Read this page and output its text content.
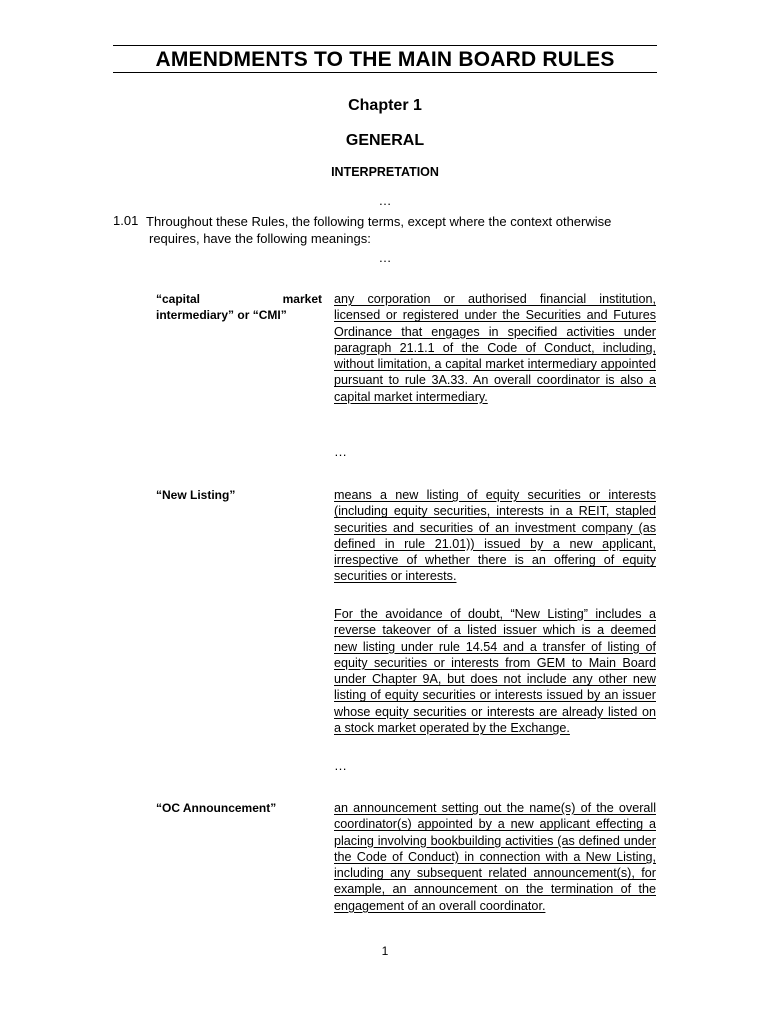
AMENDMENTS TO THE MAIN BOARD RULES
Chapter 1
GENERAL
INTERPRETATION
…
1.01 Throughout these Rules, the following terms, except where the context otherwise requires, have the following meanings:
…
“capital market intermediary” or “CMI”
any corporation or authorised financial institution, licensed or registered under the Securities and Futures Ordinance that engages in specified activities under paragraph 21.1.1 of the Code of Conduct, including, without limitation, a capital market intermediary appointed pursuant to rule 3A.33. An overall coordinator is also a capital market intermediary.
…
“New Listing”	means a new listing of equity securities or interests (including equity securities, interests in a REIT, stapled securities and securities of an investment company (as defined in rule 21.01)) issued by a new applicant, irrespective of whether there is an offering of equity securities or interests.
For the avoidance of doubt, “New Listing” includes a reverse takeover of a listed issuer which is a deemed new listing under rule 14.54 and a transfer of listing of equity securities or interests from GEM to Main Board under Chapter 9A, but does not include any other new listing of equity securities or interests issued by an issuer whose equity securities or interests are already listed on a stock market operated by the Exchange.
…
“OC Announcement”	an announcement setting out the name(s) of the overall coordinator(s) appointed by a new applicant effecting a placing involving bookbuilding activities (as defined under the Code of Conduct) in connection with a New Listing, including any subsequent related announcement(s), for example, an announcement on the termination of the engagement of an overall coordinator.
1
